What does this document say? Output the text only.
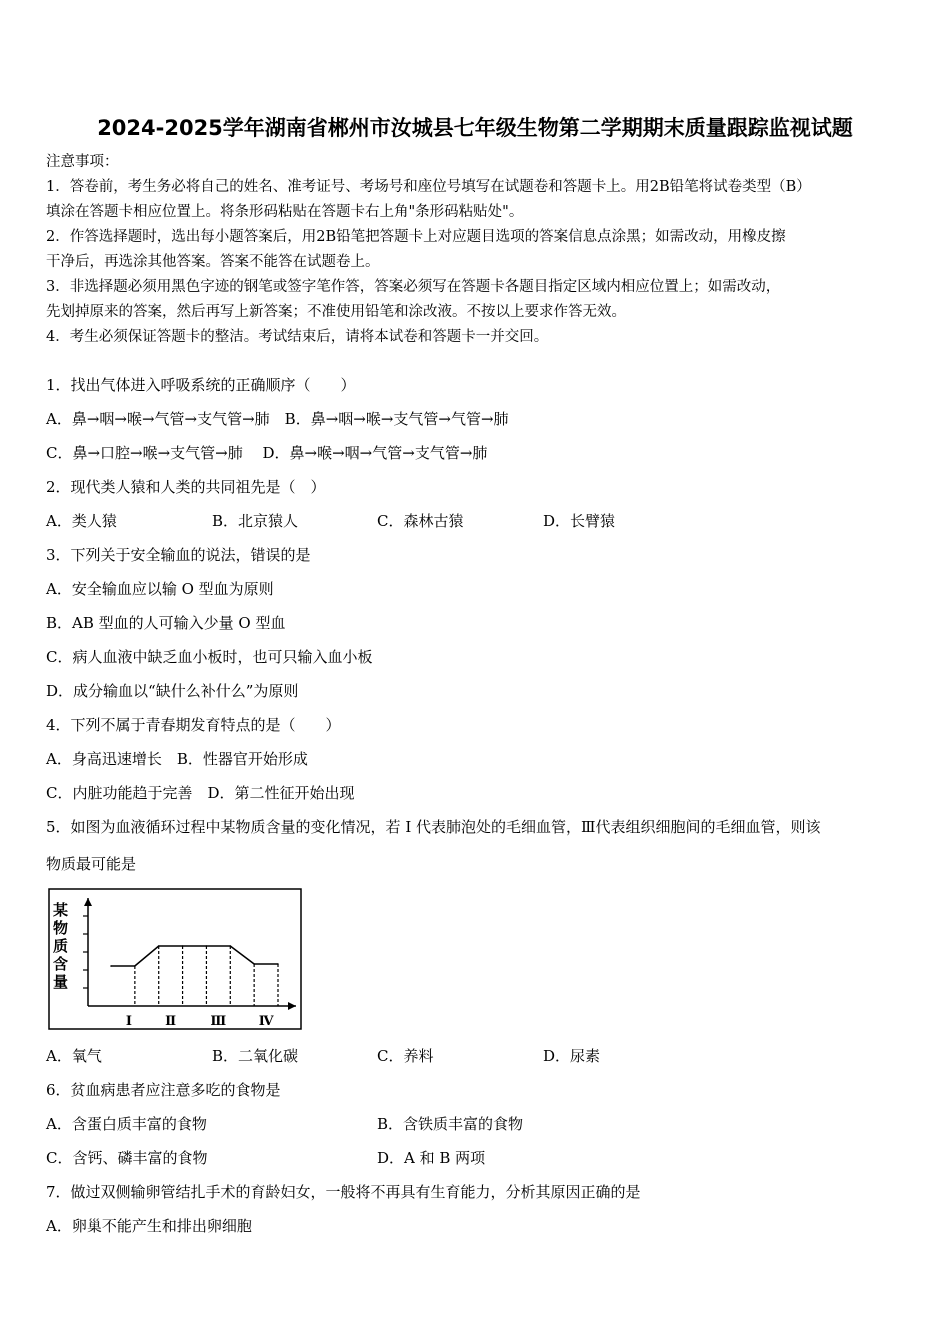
2024-2025学年湖南省郴州市汝城县七年级生物第二学期期末质量跟踪监视试题
注意事项：
1．答卷前，考生务必将自己的姓名、准考证号、考场号和座位号填写在试题卷和答题卡上。用2B铅笔将试卷类型（B）
填涂在答题卡相应位置上。将条形码粘贴在答题卡右上角"条形码粘贴处"。
2．作答选择题时，选出每小题答案后，用2B铅笔把答题卡上对应题目选项的答案信息点涂黑；如需改动，用橡皮擦
干净后，再选涂其他答案。答案不能答在试题卷上。
3．非选择题必须用黑色字迹的钢笔或签字笔作答，答案必须写在答题卡各题目指定区域内相应位置上；如需改动，
先划掉原来的答案，然后再写上新答案；不准使用铅笔和涂改液。不按以上要求作答无效。
4．考生必须保证答题卡的整洁。考试结束后，请将本试卷和答题卡一并交回。
1．找出气体进入呼吸系统的正确顺序（　　）
A．鼻→咽→喉→气管→支气管→肺　B．鼻→咽→喉→支气管→气管→肺
C．鼻→口腔→喉→支气管→肺　 D．鼻→喉→咽→气管→支气管→肺
2．现代类人猿和人类的共同祖先是（　）
A．类人猿	B．北京猿人	C．森林古猿	D．长臂猿
3．下列关于安全输血的说法，错误的是
A．安全输血应以输 O 型血为原则
B．AB 型血的人可输入少量 O 型血
C．病人血液中缺乏血小板时，也可只输入血小板
D．成分输血以“缺什么补什么”为原则
4．下列不属于青春期发育特点的是（　　）
A．身高迅速增长　B．性器官开始形成
C．内脏功能趋于完善　D．第二性征开始出现
5．如图为血液循环过程中某物质含量的变化情况，若 I 代表肺泡处的毛细血管，Ⅲ代表组织细胞间的毛细血管，则该
物质最可能是
某
物
质
含
量
Ⅰ	Ⅱ	Ⅲ Ⅳ
A．氧气	B．二氧化碳	C．养料	D．尿素
6．贫血病患者应注意多吃的食物是
A．含蛋白质丰富的食物	B．含铁质丰富的食物
C．含钙、磷丰富的食物	D．A 和 B 两项
7．做过双侧输卵管结扎手术的育龄妇女，一般将不再具有生育能力，分析其原因正确的是
A．卵巢不能产生和排出卵细胞
